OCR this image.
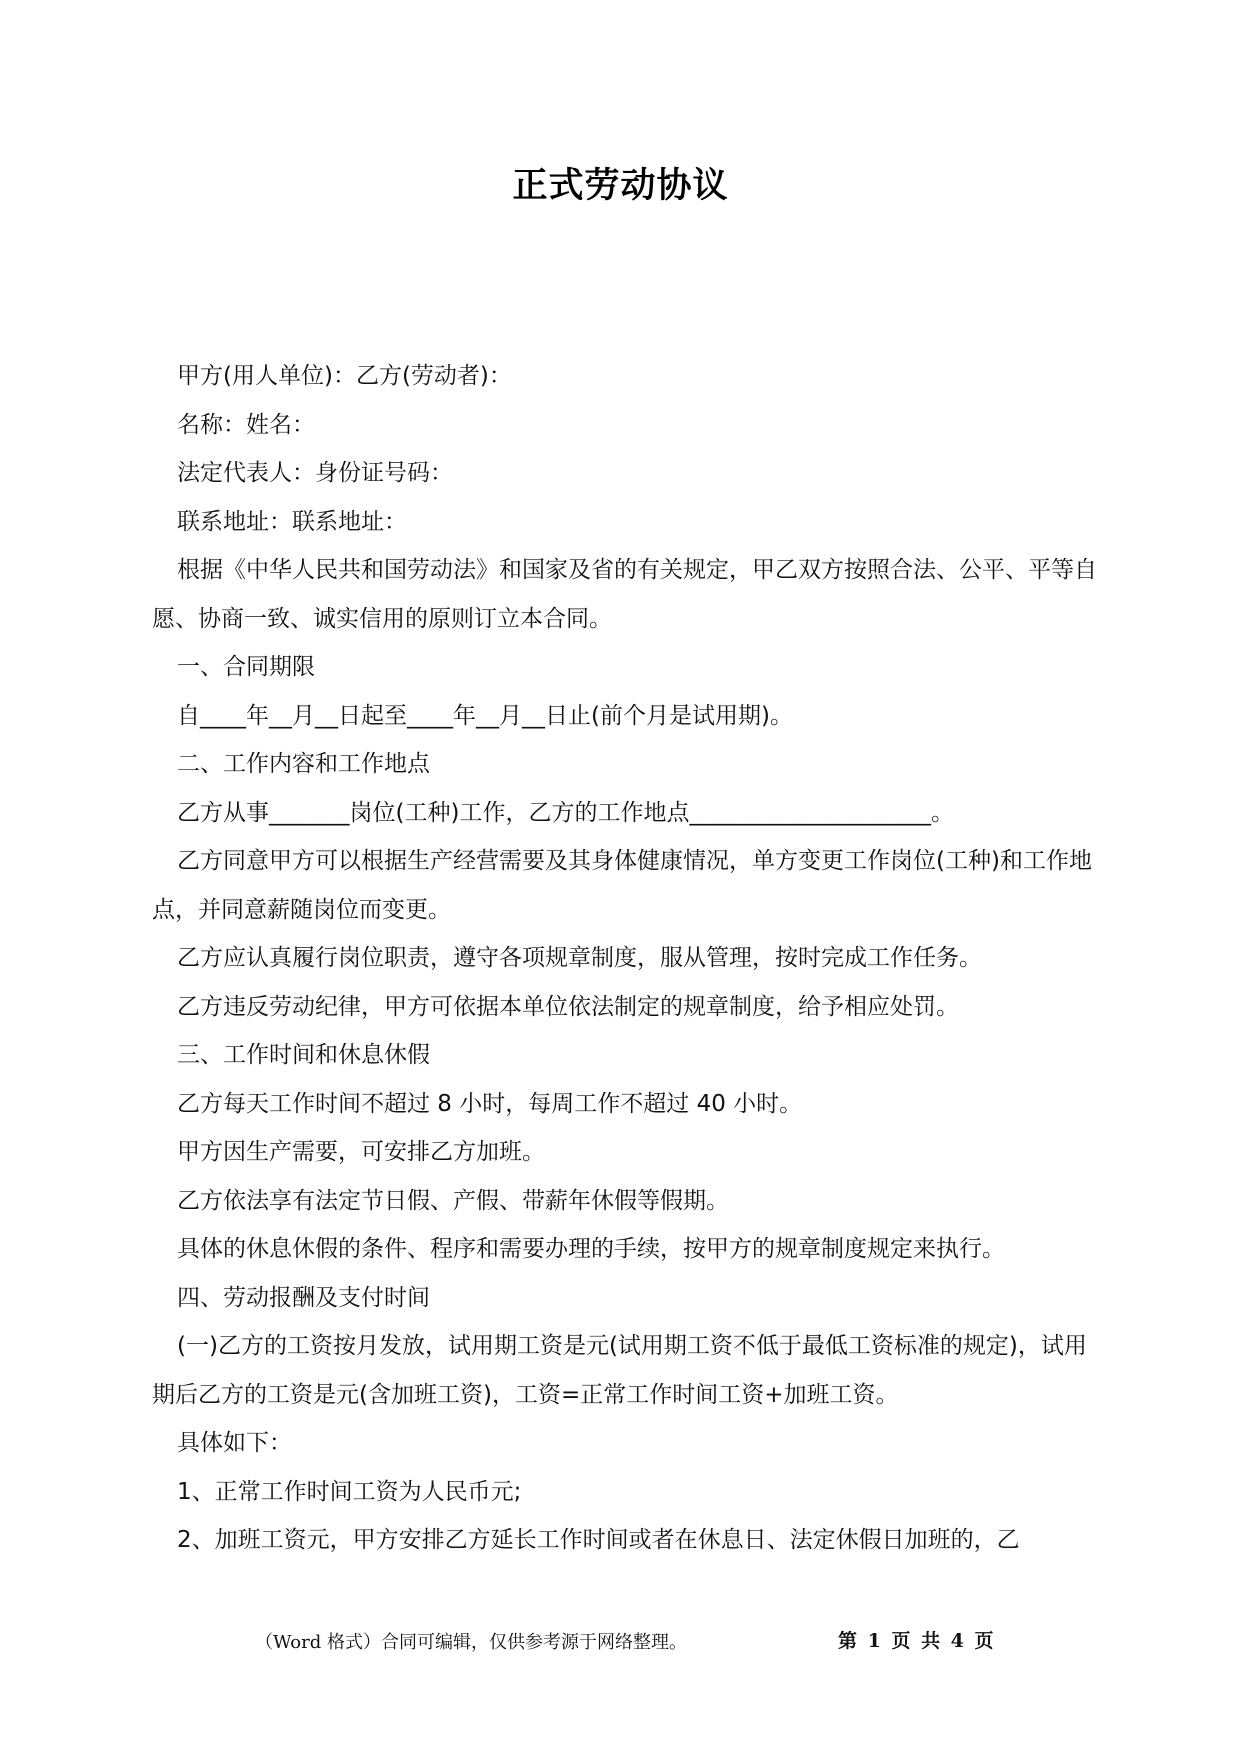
正式劳动协议

甲方(用人单位)：乙方(劳动者)：

名称：姓名：

法定代表人：身份证号码：

联系地址：联系地址：

根据《中华人民共和国劳动法》和国家及省的有关规定，甲乙双方按照合法、公平、平等自愿、协商一致、诚实信用的原则订立本合同。

一、合同期限

自____年__月__日起至____年__月__日止(前个月是试用期)。

二、工作内容和工作地点

乙方从事_______岗位(工种)工作，乙方的工作地点_____________________。

乙方同意甲方可以根据生产经营需要及其身体健康情况，单方变更工作岗位(工种)和工作地点，并同意薪随岗位而变更。

乙方应认真履行岗位职责，遵守各项规章制度，服从管理，按时完成工作任务。

乙方违反劳动纪律，甲方可依据本单位依法制定的规章制度，给予相应处罚。

三、工作时间和休息休假

乙方每天工作时间不超过 8 小时，每周工作不超过 40 小时。

甲方因生产需要，可安排乙方加班。

乙方依法享有法定节日假、产假、带薪年休假等假期。

具体的休息休假的条件、程序和需要办理的手续，按甲方的规章制度规定来执行。

四、劳动报酬及支付时间

(一)乙方的工资按月发放，试用期工资是元(试用期工资不低于最低工资标准的规定)，试用期后乙方的工资是元(含加班工资)，工资=正常工作时间工资+加班工资。

具体如下：

1、正常工作时间工资为人民币元;

2、加班工资元，甲方安排乙方延长工作时间或者在休息日、法定休假日加班的，乙

（Word 格式）合同可编辑，仅供参考源于网络整理。	第 1 页 共 4 页
